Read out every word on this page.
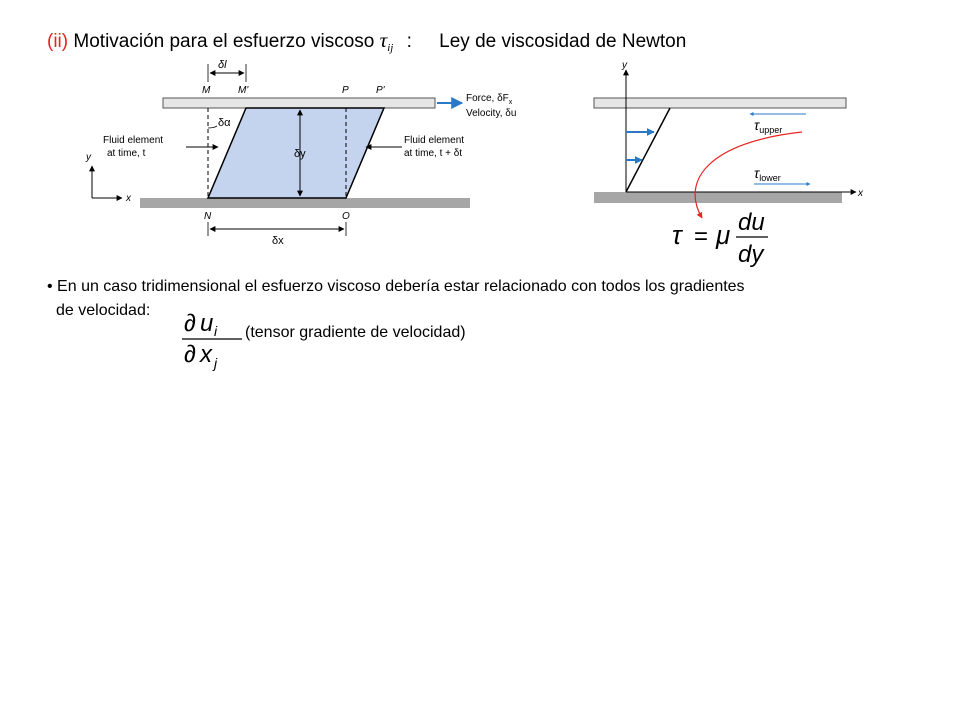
(ii) Motivación para el esfuerzo viscoso $\tau_{ij}$ : Ley de viscosidad de Newton
δl
M	M'	P	P'
Force, $\delta F_x$
Velocity, δu
δα
δy
Fluid element
at time, t
Fluid element
at time, t + δt
y
x
N	O
δx
y
x
$\tau_{upper}$
$\tau_{lower}$
τ = μ du
dy
• En un caso tridimensional el esfuerzo viscoso debería estar relacionado con todos los gradientes
de velocidad: ∂ u i
∂ x j
(tensor gradiente de velocidad)
